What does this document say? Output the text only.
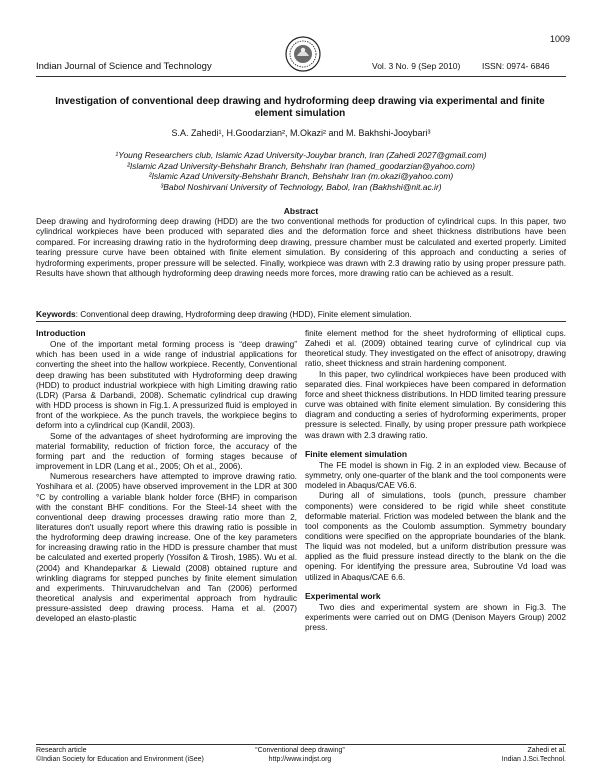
1009
Indian Journal of Science and Technology	Vol. 3 No. 9 (Sep 2010)	ISSN: 0974- 6846
Investigation of conventional deep drawing and hydroforming deep drawing via experimental and finite element simulation
S.A. Zahedi¹, H.Goodarzian², M.Okazi² and M. Bakhshi-Jooybari³
¹Young Researchers club, Islamic Azad University-Jouybar branch, Iran (Zahedi 2027@gmail.com)
²Islamic Azad University-Behshahr Branch, Behshahr Iran (hamed_goodarzian@yahoo.com)
²Islamic Azad University-Behshahr Branch, Behshahr Iran (m.okazi@yahoo.com)
³Babol Noshirvani University of Technology, Babol, Iran (Bakhshi@nit.ac.ir)
Abstract
Deep drawing and hydroforming deep drawing (HDD) are the two conventional methods for production of cylindrical cups. In this paper, two cylindrical workpieces have been produced with separated dies and the deformation force and sheet thickness distributions have been compared. For increasing drawing ratio in the hydroforming deep drawing, pressure chamber must be calculated and exerted properly. Limited tearing pressure curve have been obtained with finite element simulation. By considering of this approach and conducting a series of hydroforming experiments, proper pressure will be selected. Finally, workpiece was drawn with 2.3 drawing ratio by using proper pressure path. Results have shown that although hydroforming deep drawing needs more forces, more drawing ratio can be achieved as a result.
Keywords: Conventional deep drawing, Hydroforming deep drawing (HDD), Finite element simulation.
Introduction

One of the important metal forming process is “deep drawing” which has been used in a wide range of industrial applications for converting the sheet into the hallow workpiece. Recently, Conventional deep drawing has been substituted with Hydroforming deep drawing (HDD) to product industrial workpiece with high Limiting drawing ratio (LDR) (Parsa & Darbandi, 2008). Schematic cylindrical cup drawing with HDD process is shown in Fig.1. A pressurized fluid is employed in front of the workpiece. As the punch travels, the workpiece begins to deform into a cylindrical cup (Kandil, 2003).

Some of the advantages of sheet hydroforming are improving the material formability, reduction of friction force, the accuracy of the forming part and the reduction of forming stages because of improvement in LDR (Lang et al., 2005; Oh et al., 2006).

Numerous researchers have attempted to improve drawing ratio. Yoshihara et al. (2005) have observed improvement in the LDR at 300 °C by controlling a variable blank holder force (BHF) in comparison with the constant BHF conditions. For the Steel-14 sheet with the conventional deep drawing processes drawing ratio more than 2, literatures don't usually report where this drawing ratio is possible in the hydroforming deep drawing increase. One of the key parameters for increasing drawing ratio in the HDD is pressure chamber that must be calculated and exerted properly (Yossifon & Tirosh, 1985). Wu et al. (2004) and Khandeparkar & Liewald (2008) obtained rupture and wrinkling diagrams for stepped punches by finite element simulation and experiments. Thiruvarudchelvan and Tan (2006) performed theoretical analysis and experimental approach from hydraulic pressure-assisted deep drawing process. Hama et al. (2007) developed an elasto-plastic

finite element method for the sheet hydroforming of elliptical cups. Zahedi et al. (2009) obtained tearing curve of cylindrical cup via theoretical study. They investigated on the effect of anisotropy, drawing ratio, sheet thickness and strain hardening component.

In this paper, two cylindrical workpieces have been produced with separated dies. Final workpieces have been compared in deformation force and sheet thickness distributions. In HDD limited tearing pressure curve was obtained with finite element simulation. By considering this diagram and conducting a series of hydroforming experiments, proper pressure is selected. Finally, by using proper pressure path workpiece was drawn with 2.3 drawing ratio.

Finite element simulation

The FE model is shown in Fig. 2 in an exploded view. Because of symmetry, only one-quarter of the blank and the tool components were modeled in Abaqus/CAE V6.6.

During all of simulations, tools (punch, pressure chamber components) were considered to be rigid while sheet constitute deformable material. Friction was modeled between the blank and the tool components as the Coulomb assumption. Symmetry boundary conditions were specified on the appropriate boundaries of the blank. The liquid was not modeled, but a uniform distribution pressure was applied as the fluid pressure instead directly to the blank on the die opening. For identifying the pressure area, Subroutine Vd load was utilized in Abaqus/CAE 6.6.

Experimental work

Two dies and experimental system are shown in Fig.3. The experiments were carried out on DMG (Denison Mayers Group) 2002 press.

Research article
©Indian Society for Education and Environment (iSee)
“Conventional deep drawing”
http://www.indjst.org
Zahedi et al.
Indian J.Sci.Technol.
